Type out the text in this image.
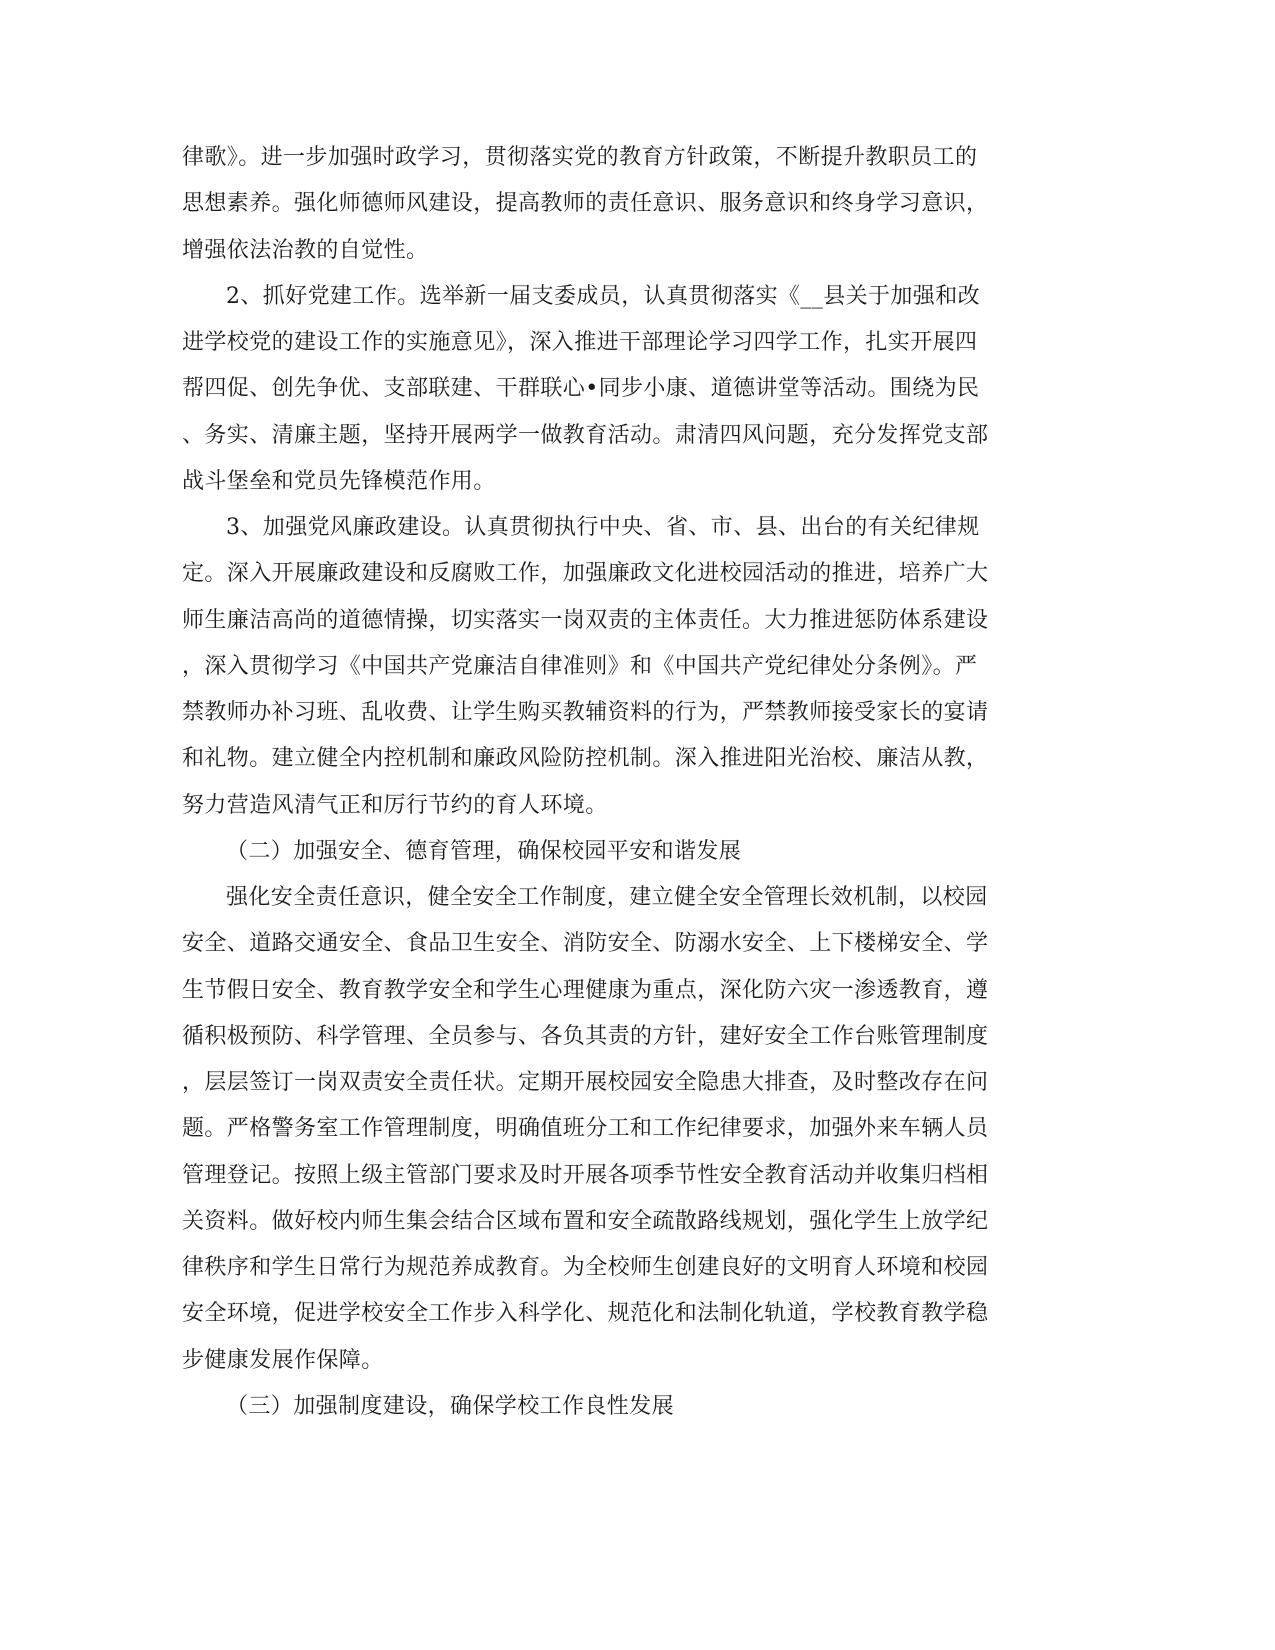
律歌》。进一步加强时政学习，贯彻落实党的教育方针政策，不断提升教职员工的
思想素养。强化师德师风建设，提高教师的责任意识、服务意识和终身学习意识，
增强依法治教的自觉性。
2、抓好党建工作。选举新一届支委成员，认真贯彻落实《__县关于加强和改
进学校党的建设工作的实施意见》，深入推进干部理论学习四学工作，扎实开展四
帮四促、创先争优、支部联建、干群联心•同步小康、道德讲堂等活动。围绕为民
、务实、清廉主题，坚持开展两学一做教育活动。肃清四风问题，充分发挥党支部
战斗堡垒和党员先锋模范作用。
3、加强党风廉政建设。认真贯彻执行中央、省、市、县、出台的有关纪律规
定。深入开展廉政建设和反腐败工作，加强廉政文化进校园活动的推进，培养广大
师生廉洁高尚的道德情操，切实落实一岗双责的主体责任。大力推进惩防体系建设
，深入贯彻学习《中国共产党廉洁自律准则》和《中国共产党纪律处分条例》。严
禁教师办补习班、乱收费、让学生购买教辅资料的行为，严禁教师接受家长的宴请
和礼物。建立健全内控机制和廉政风险防控机制。深入推进阳光治校、廉洁从教，
努力营造风清气正和厉行节约的育人环境。
（二）加强安全、德育管理，确保校园平安和谐发展
强化安全责任意识，健全安全工作制度，建立健全安全管理长效机制，以校园
安全、道路交通安全、食品卫生安全、消防安全、防溺水安全、上下楼梯安全、学
生节假日安全、教育教学安全和学生心理健康为重点，深化防六灾一渗透教育，遵
循积极预防、科学管理、全员参与、各负其责的方针，建好安全工作台账管理制度
，层层签订一岗双责安全责任状。定期开展校园安全隐患大排查，及时整改存在问
题。严格警务室工作管理制度，明确值班分工和工作纪律要求，加强外来车辆人员
管理登记。按照上级主管部门要求及时开展各项季节性安全教育活动并收集归档相
关资料。做好校内师生集会结合区域布置和安全疏散路线规划，强化学生上放学纪
律秩序和学生日常行为规范养成教育。为全校师生创建良好的文明育人环境和校园
安全环境，促进学校安全工作步入科学化、规范化和法制化轨道，学校教育教学稳
步健康发展作保障。
（三）加强制度建设，确保学校工作良性发展
